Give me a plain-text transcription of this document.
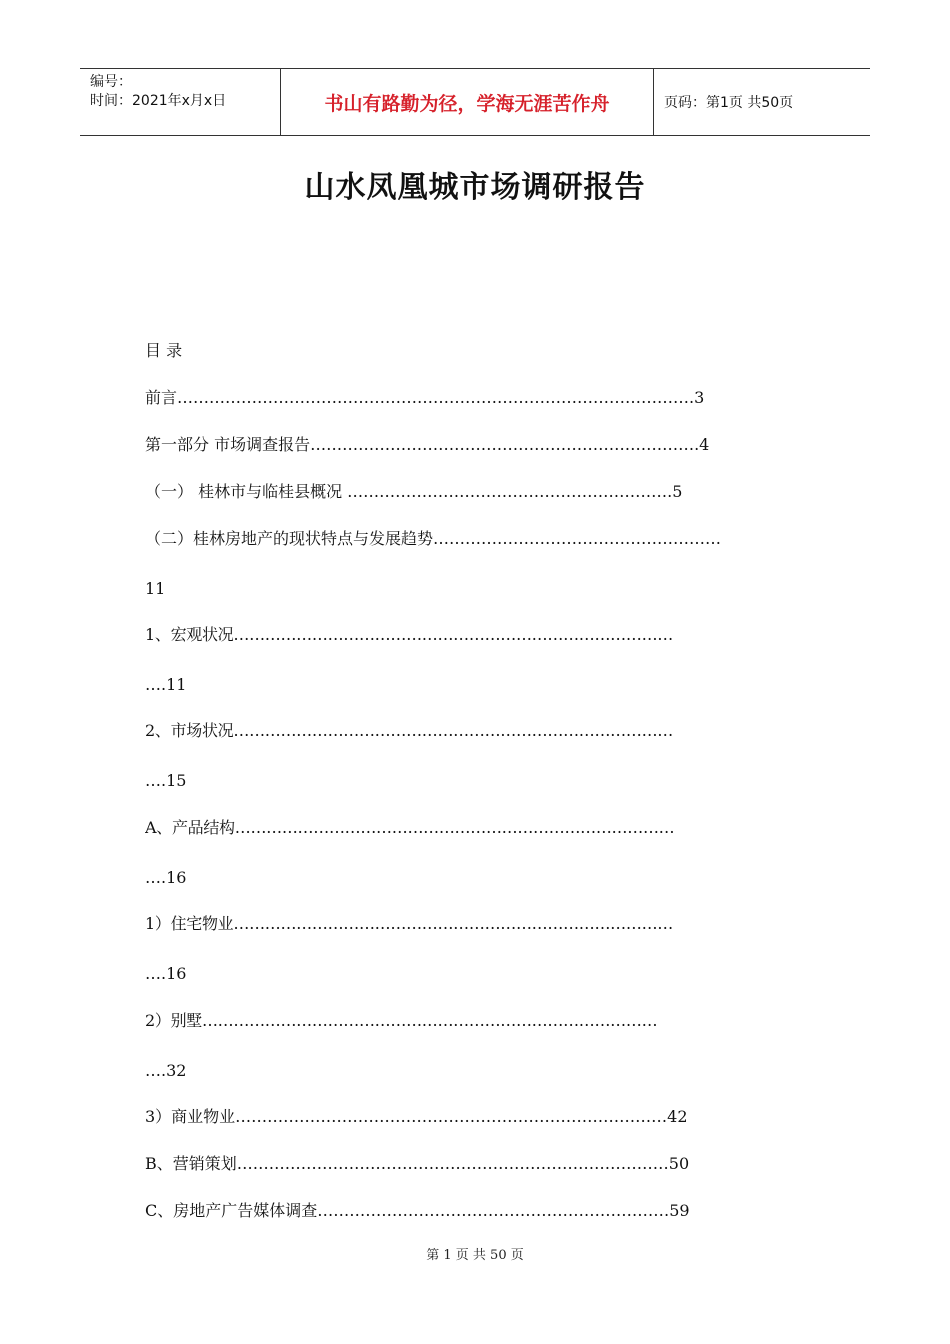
编号：
时间：2021年x月x日	书山有路勤为径，学海无涯苦作舟	页码：第1页 共50页
山水凤凰城市场调研报告
目 录
前言…………………………………………………………………………………….3
第一部分 市场调查报告……………………………………………………………….4
（一） 桂林市与临桂县概况 …………………………………………………….5
（二）桂林房地产的现状特点与发展趋势………………………………………………
11
1、宏观状况…………………………………………………………………………
….11
2、市场状况…………………………………………………………………………
….15
A、产品结构…………………………………………………………………………
….16
1）住宅物业…………………………………………………………………………
….16
2）别墅……………………………………………………………………………
….32
3）商业物业………………………………………………………………………42
B、营销策划………………………………………………………………………50
C、房地产广告媒体调查…………………………………………………………59
第 1 页 共 50 页
